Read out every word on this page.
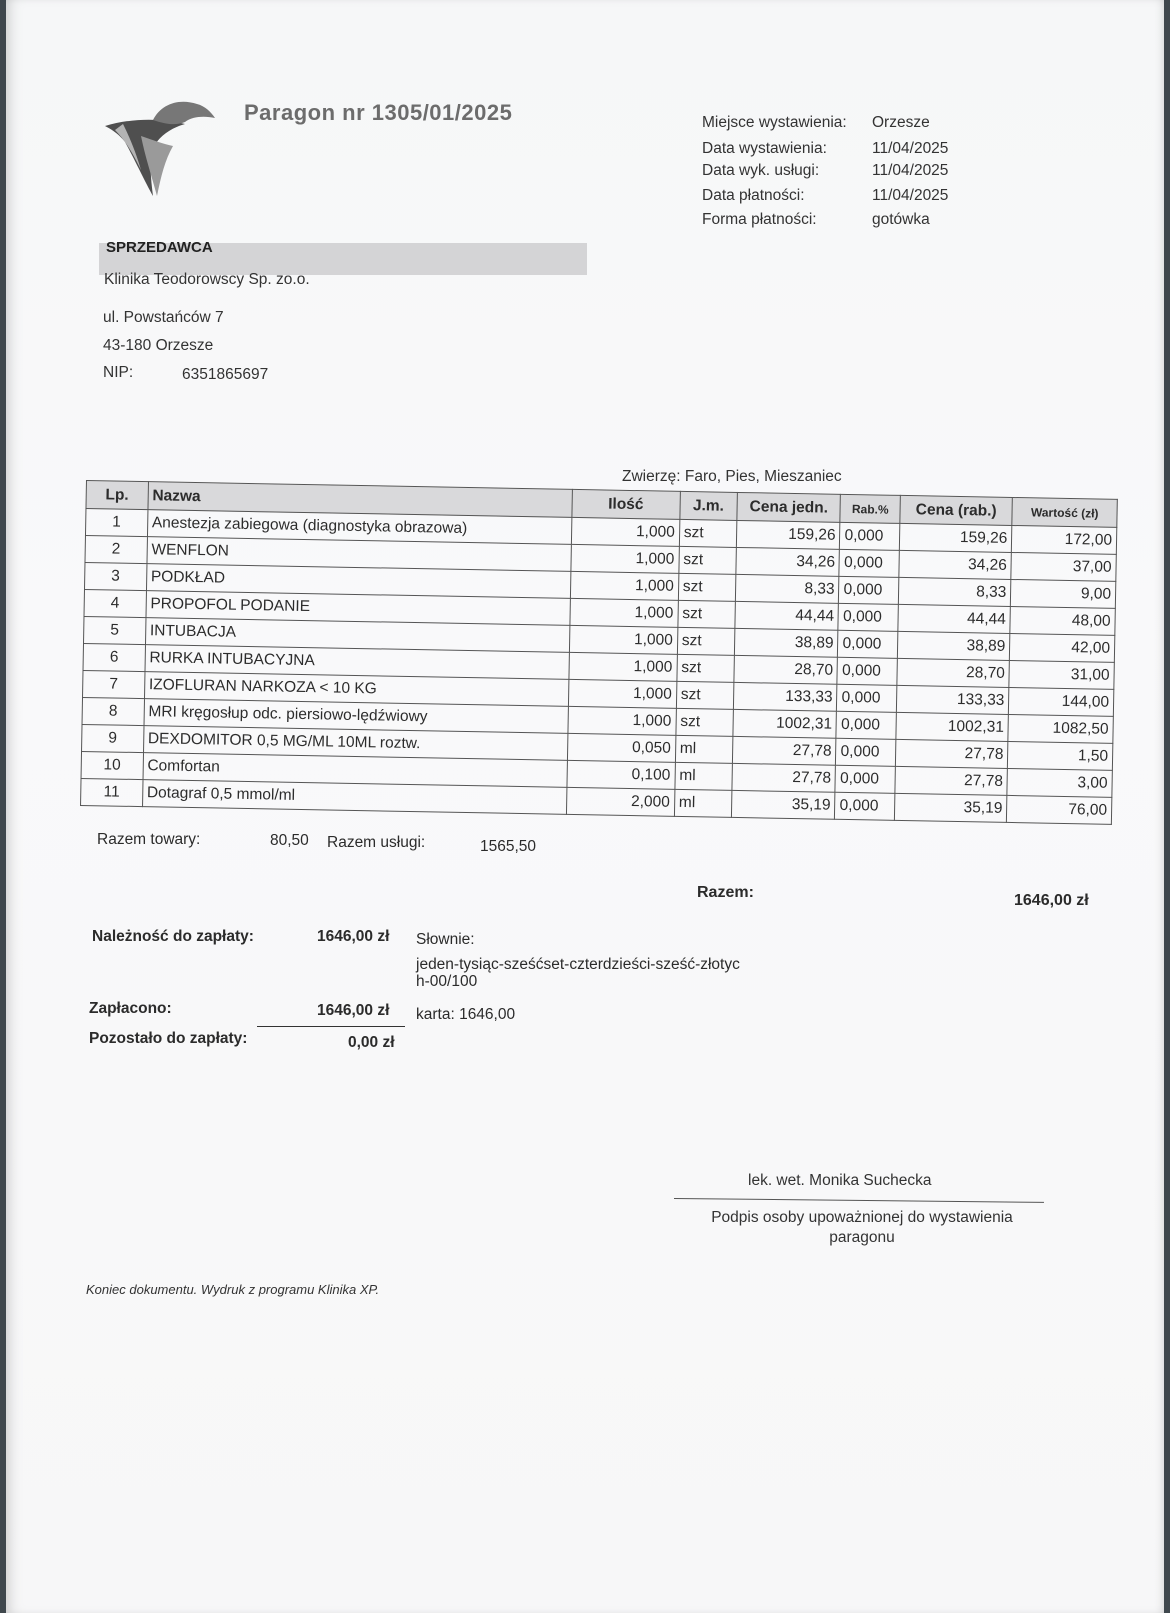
Paragon nr 1305/01/2025	Miejsce wystawienia:	Orzesze
Data wystawienia:	11/04/2025
Data wyk. usługi:	11/04/2025
Data płatności:	11/04/2025
Forma płatności:	gotówka
SPRZEDAWCA
Klinika Teodorowscy Sp. zo.o.
ul. Powstańców 7
43-180 Orzesze
NIP:	6351865697
Zwierzę: Faro, Pies, Mieszaniec
Lp.	Nazwa	Ilość	J.m.	Cena jedn.	Rab.%	Cena (rab.)	Wartość (zł)
1	Anestezja zabiegowa (diagnostyka obrazowa)	1,000	szt	159,26	0,000	159,26	172,00
2	WENFLON	1,000	szt	34,26	0,000	34,26	37,00
3	PODKŁAD	1,000	szt	8,33	0,000	8,33	9,00
4	PROPOFOL PODANIE	1,000	szt	44,44	0,000	44,44	48,00
5	INTUBACJA	1,000	szt	38,89	0,000	38,89	42,00
6	RURKA INTUBACYJNA	1,000	szt	28,70	0,000	28,70	31,00
7	IZOFLURAN NARKOZA < 10 KG	1,000	szt	133,33	0,000	133,33	144,00
8	MRI kręgosłup odc. piersiowo-lędźwiowy	1,000	szt	1002,31	0,000	1002,31	1082,50
9	DEXDOMITOR 0,5 MG/ML 10ML roztw.	0,050	ml	27,78	0,000	27,78	1,50
10	Comfortan	0,100	ml	27,78	0,000	27,78	3,00
11	Dotagraf 0,5 mmol/ml	2,000	ml	35,19	0,000	35,19	76,00
Razem towary:	80,50 Razem usługi:	1565,50
Razem:	1646,00 zł
Należność do zapłaty:	1646,00 zł Słownie:
jeden-tysiąc-sześćset-czterdzieści-sześć-złotyc
h-00/100
Zapłacono:	1646,00 zł karta: 1646,00
Pozostało do zapłaty:	0,00 zł
lek. wet. Monika Suchecka
Podpis osoby upoważnionej do wystawienia paragonu
Koniec dokumentu. Wydruk z programu Klinika XP.
